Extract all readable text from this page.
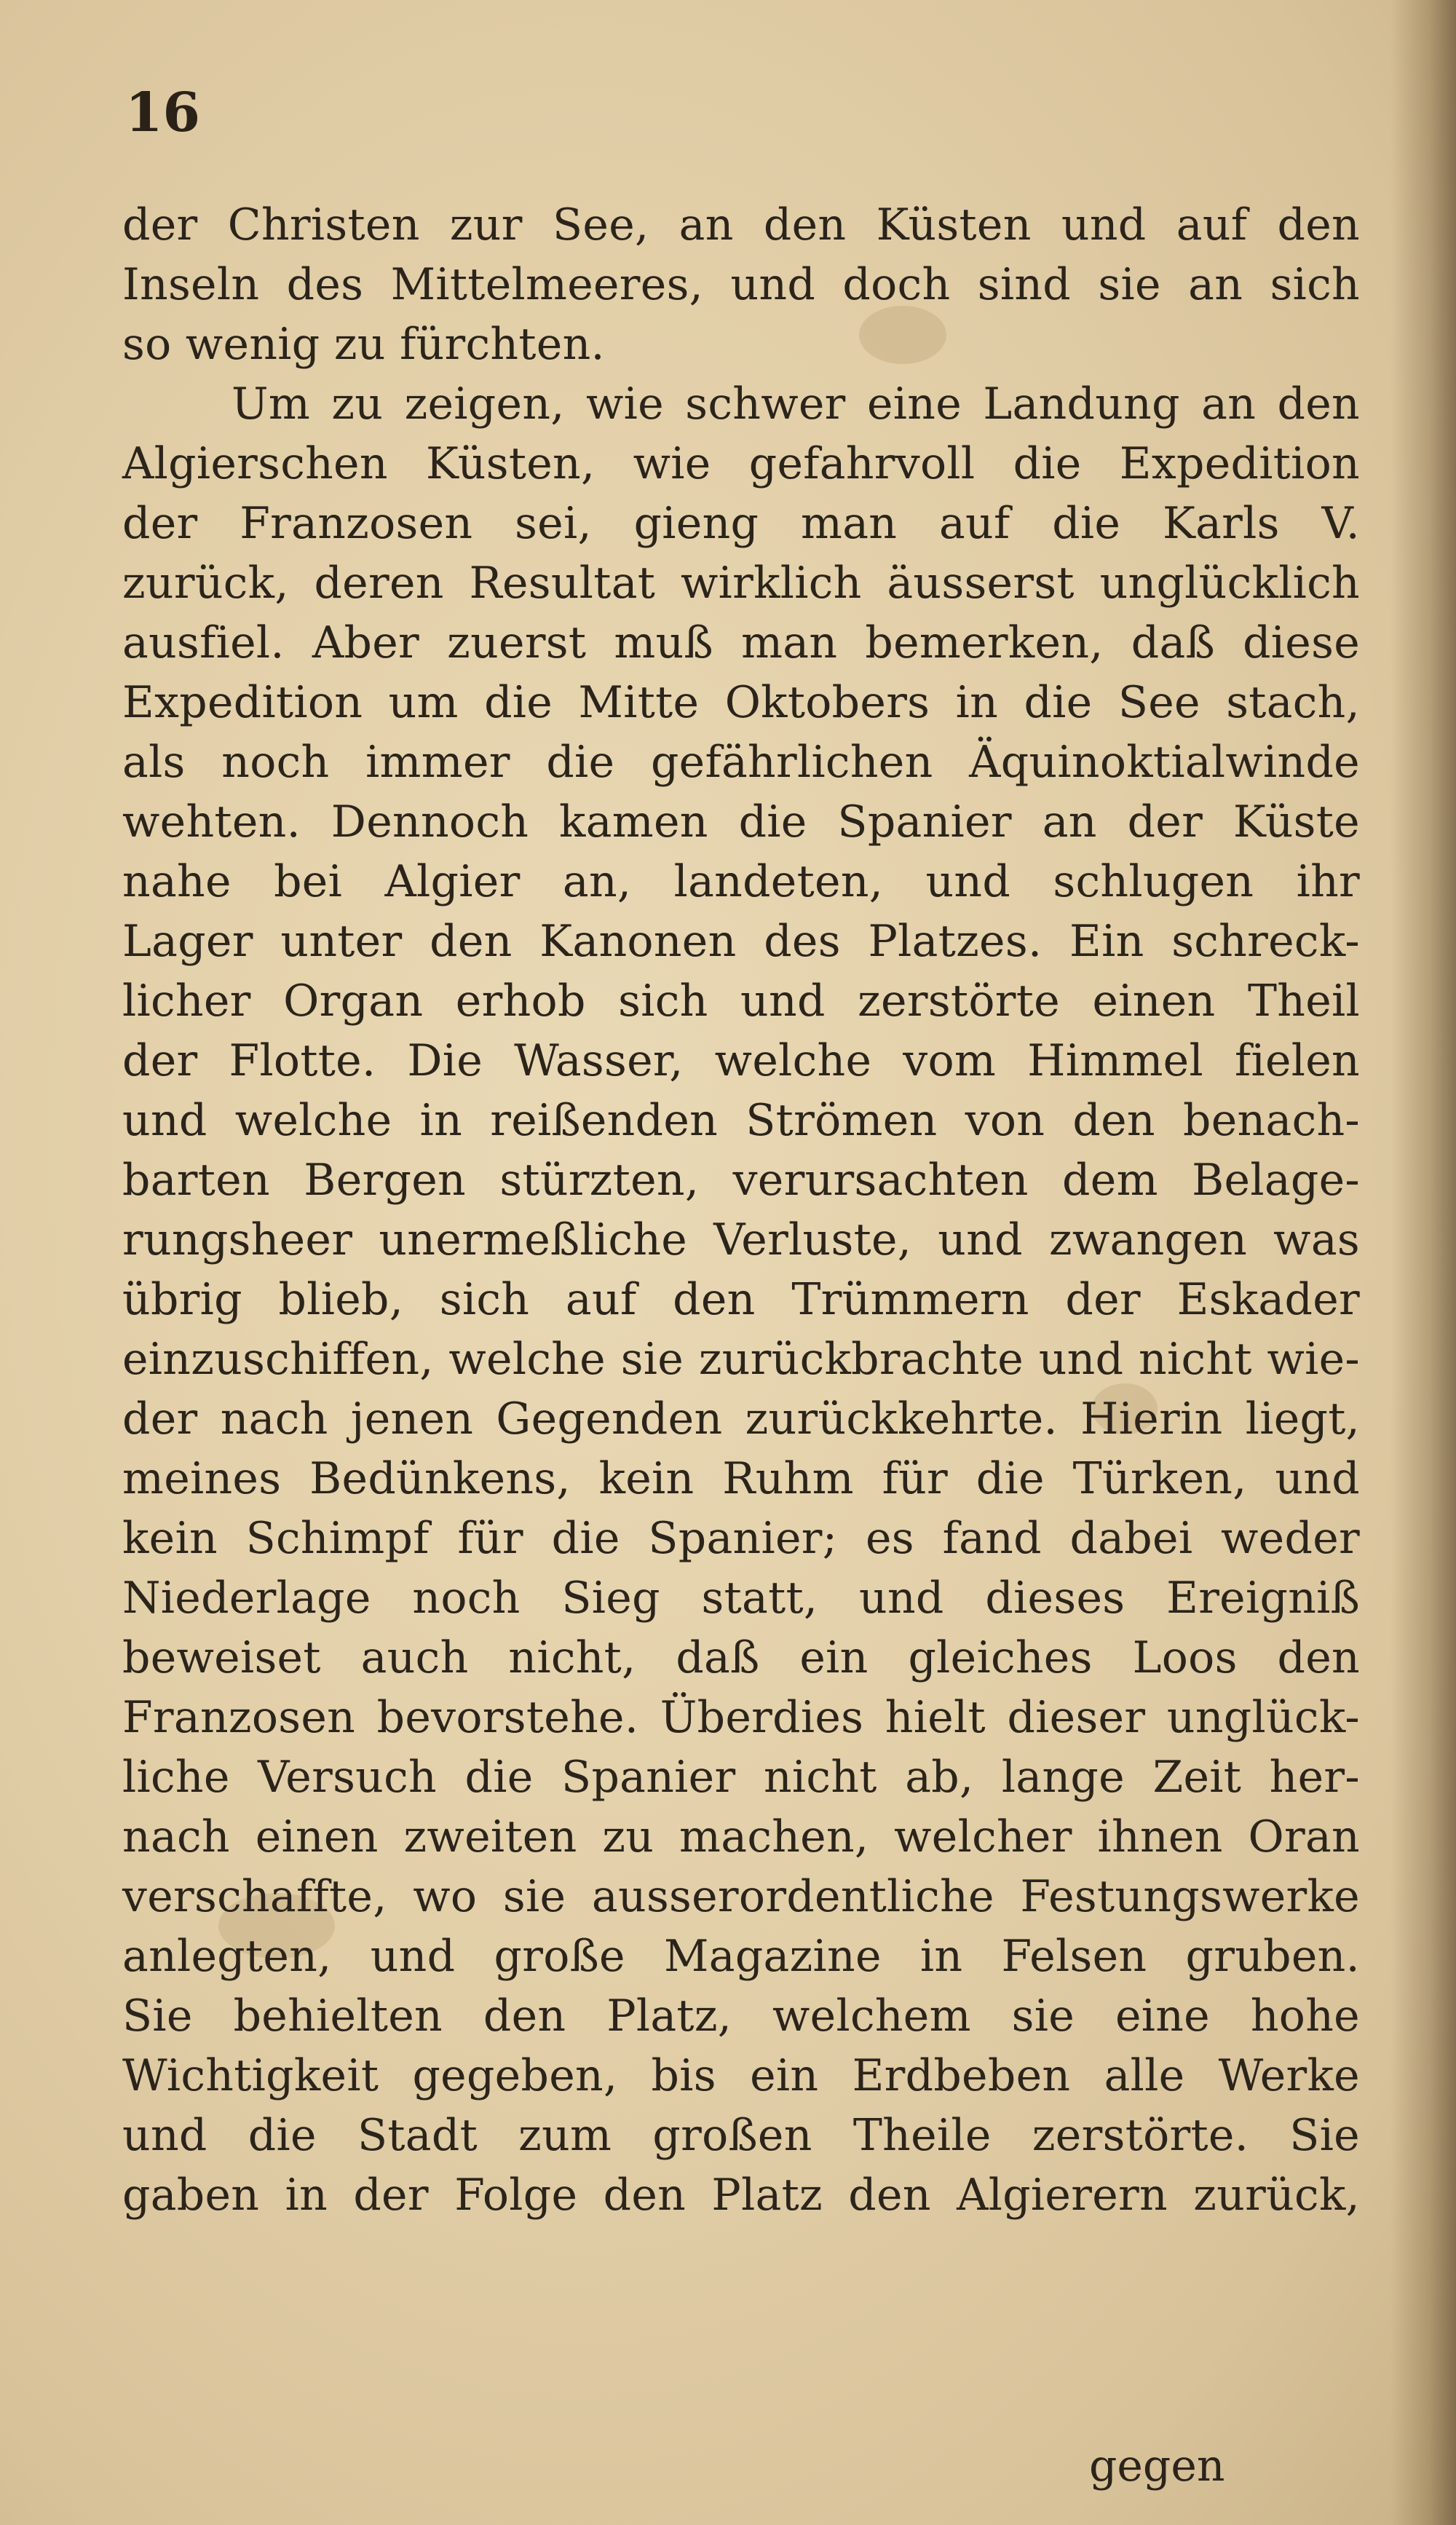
16
der Christen zur See, an den Küsten und auf den
Inseln des Mittelmeeres, und doch sind sie an sich
so wenig zu fürchten.
Um zu zeigen, wie schwer eine Landung an den
Algierschen Küsten, wie gefahrvoll die Expedition
der Franzosen sei, gieng man auf die Karls V.
zurück, deren Resultat wirklich äusserst unglücklich
ausfiel. Aber zuerst muß man bemerken, daß diese
Expedition um die Mitte Oktobers in die See stach,
als noch immer die gefährlichen Äquinoktialwinde
wehten. Dennoch kamen die Spanier an der Küste
nahe bei Algier an, landeten, und schlugen ihr
Lager unter den Kanonen des Platzes. Ein schreck-
licher Organ erhob sich und zerstörte einen Theil
der Flotte. Die Wasser, welche vom Himmel fielen
und welche in reißenden Strömen von den benach-
barten Bergen stürzten, verursachten dem Belage-
rungsheer unermeßliche Verluste, und zwangen was
übrig blieb, sich auf den Trümmern der Eskader
einzuschiffen, welche sie zurückbrachte und nicht wie-
der nach jenen Gegenden zurückkehrte. Hierin liegt,
meines Bedünkens, kein Ruhm für die Türken, und
kein Schimpf für die Spanier; es fand dabei weder
Niederlage noch Sieg statt, und dieses Ereigniß
beweiset auch nicht, daß ein gleiches Loos den
Franzosen bevorstehe. Überdies hielt dieser unglück-
liche Versuch die Spanier nicht ab, lange Zeit her-
nach einen zweiten zu machen, welcher ihnen Oran
verschaffte, wo sie ausserordentliche Festungswerke
anlegten, und große Magazine in Felsen gruben.
Sie behielten den Platz, welchem sie eine hohe
Wichtigkeit gegeben, bis ein Erdbeben alle Werke
und die Stadt zum großen Theile zerstörte. Sie
gaben in der Folge den Platz den Algierern zurück,
gegen
